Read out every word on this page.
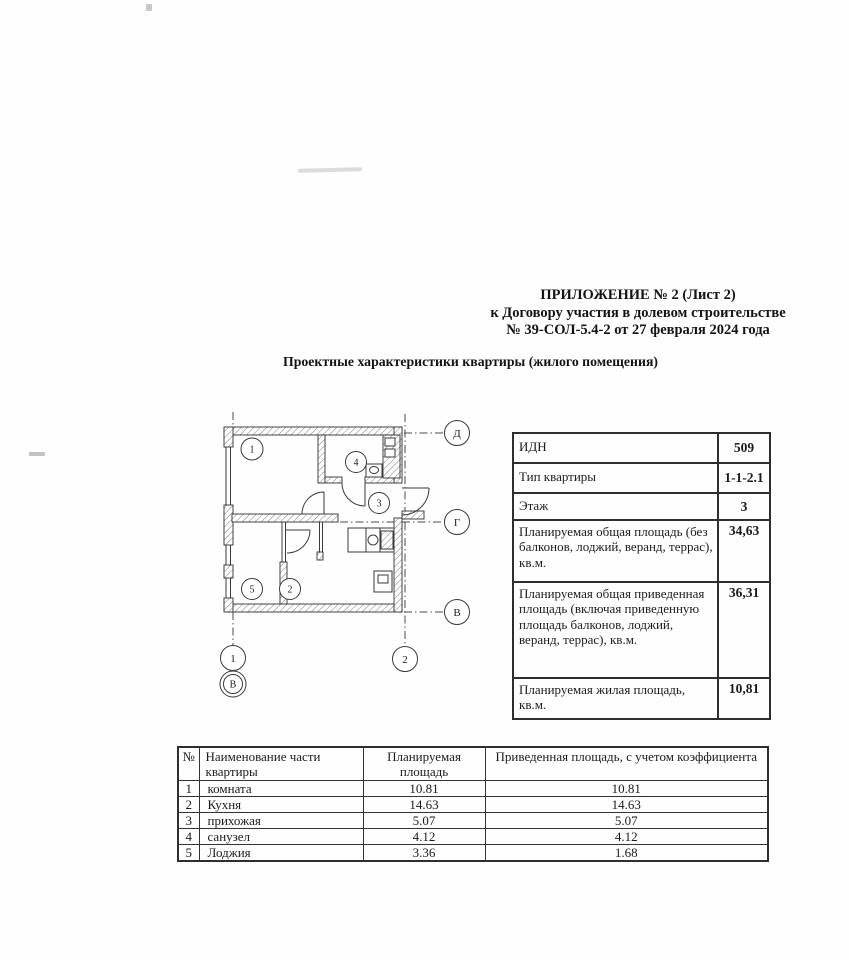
ПРИЛОЖЕНИЕ № 2 (Лист 2)
к Договору участия в долевом строительстве
№ 39-СОЛ-5.4-2 от 27 февраля 2024 года
Проектные характеристики квартиры (жилого помещения)
1
4
3
5	2
Д
Г
В
1	2
В
ИДН	509
Тип квартиры	1-1-2.1
Этаж	3
Планируемая общая площадь (без балконов, лоджий, веранд, террас), кв.м.	34,63
Планируемая общая приведенная площадь (включая приведенную площадь балконов, лоджий, веранд, террас), кв.м.	36,31
Планируемая жилая площадь, кв.м.	10,81
№	Наименование части квартиры	Планируемая площадь	Приведенная площадь, с учетом коэффициента
1	комната	10.81	10.81
2	Кухня	14.63	14.63
3	прихожая	5.07	5.07
4	санузел	4.12	4.12
5	Лоджия	3.36	1.68
